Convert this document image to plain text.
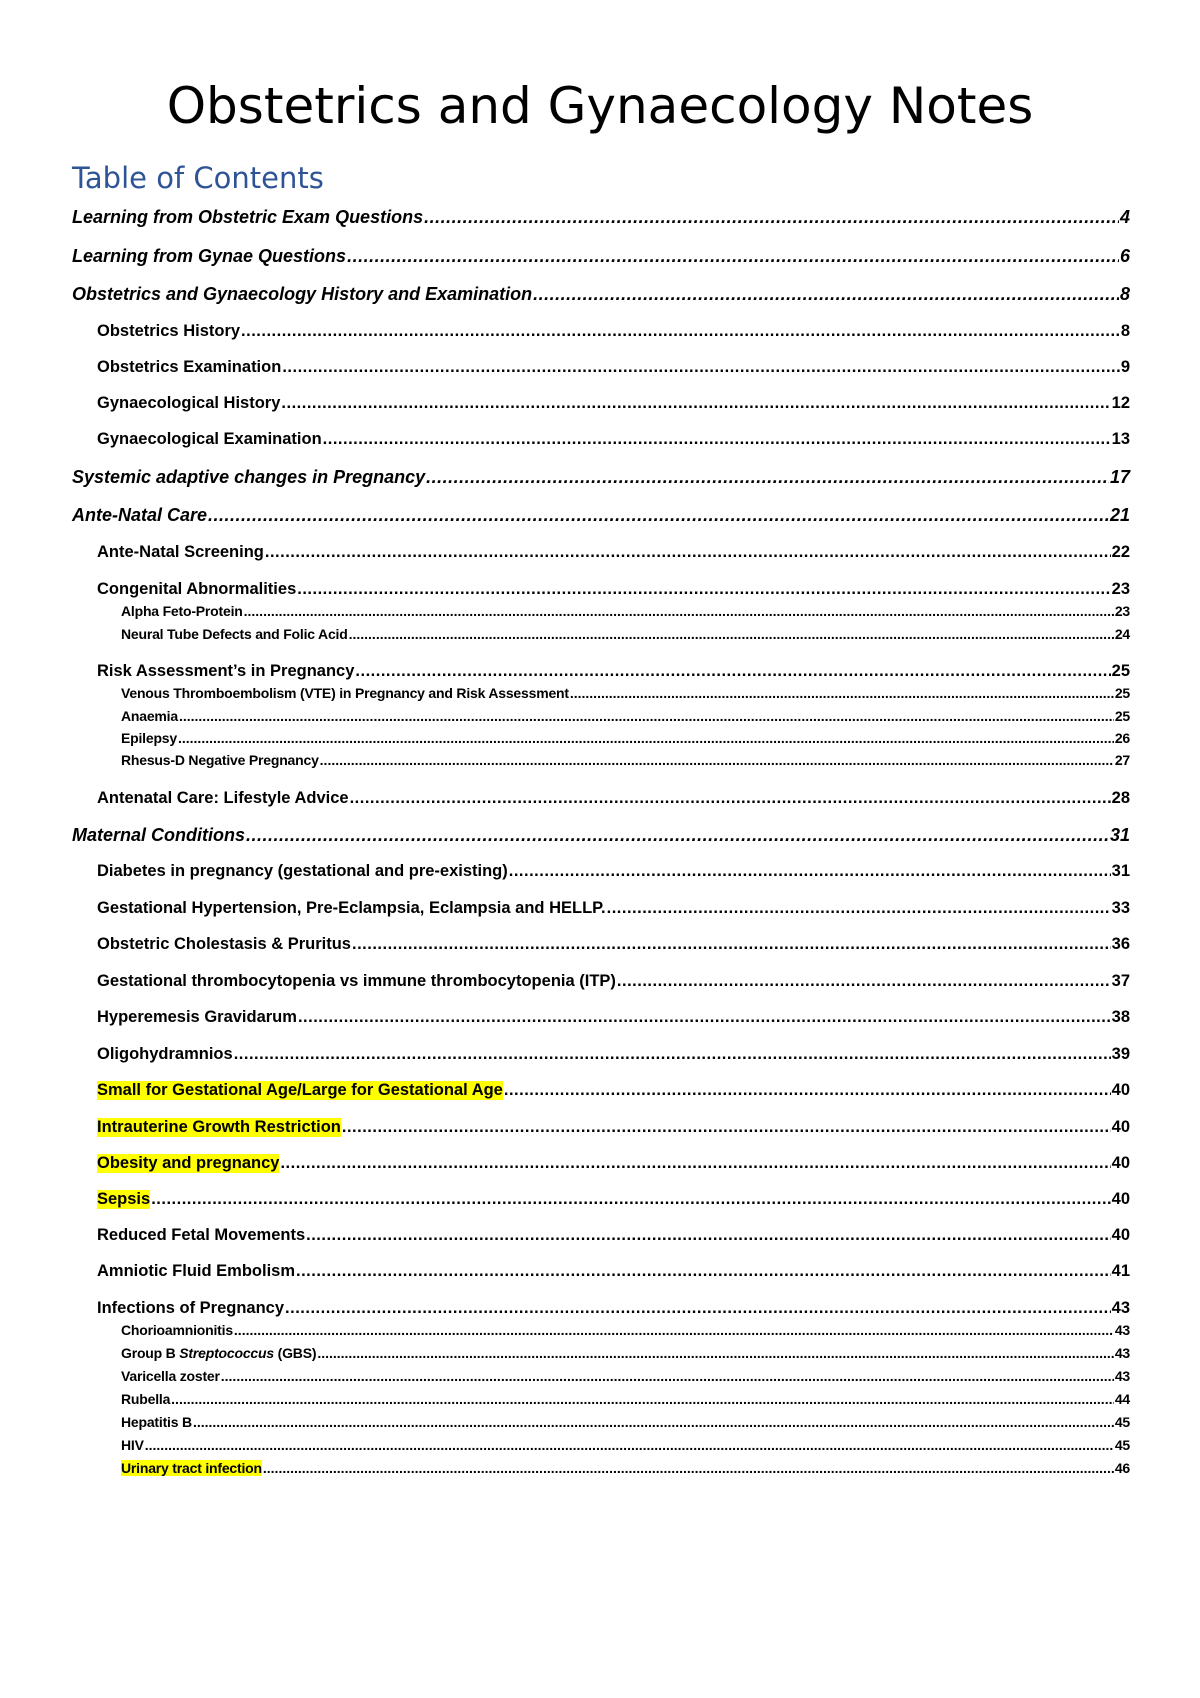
Obstetrics and Gynaecology Notes
Table of Contents
Learning from Obstetric Exam Questions .....	4
Learning from Gynae Questions .....	6
Obstetrics and Gynaecology History and Examination .....	8
Obstetrics History .....	8
Obstetrics Examination .....	9
Gynaecological History .....	12
Gynaecological Examination .....	13
Systemic adaptive changes in Pregnancy .....	17
Ante-Natal Care .....	21
Ante-Natal Screening .....	22
Congenital Abnormalities .....	23
Alpha Feto-Protein .....	23
Neural Tube Defects and Folic Acid .....	24
Risk Assessment’s in Pregnancy .....	25
Venous Thromboembolism (VTE) in Pregnancy and Risk Assessment .....	25
Anaemia .....	25
Epilepsy .....	26
Rhesus-D Negative Pregnancy .....	27
Antenatal Care: Lifestyle Advice .....	28
Maternal Conditions .....	31
Diabetes in pregnancy (gestational and pre-existing) .....	31
Gestational Hypertension, Pre-Eclampsia, Eclampsia and HELLP. .....	33
Obstetric Cholestasis & Pruritus .....	36
Gestational thrombocytopenia vs immune thrombocytopenia (ITP) .....	37
Hyperemesis Gravidarum .....	38
Oligohydramnios .....	39
Small for Gestational Age/Large for Gestational Age .....	40
Intrauterine Growth Restriction .....	40
Obesity and pregnancy .....	40
Sepsis .....	40
Reduced Fetal Movements .....	40
Amniotic Fluid Embolism .....	41
Infections of Pregnancy .....	43
Chorioamnionitis .....	43
Group B Streptococcus (GBS) .....	43
Varicella zoster .....	43
Rubella .....	44
Hepatitis B .....	45
HIV .....	45
Urinary tract infection .....	46
